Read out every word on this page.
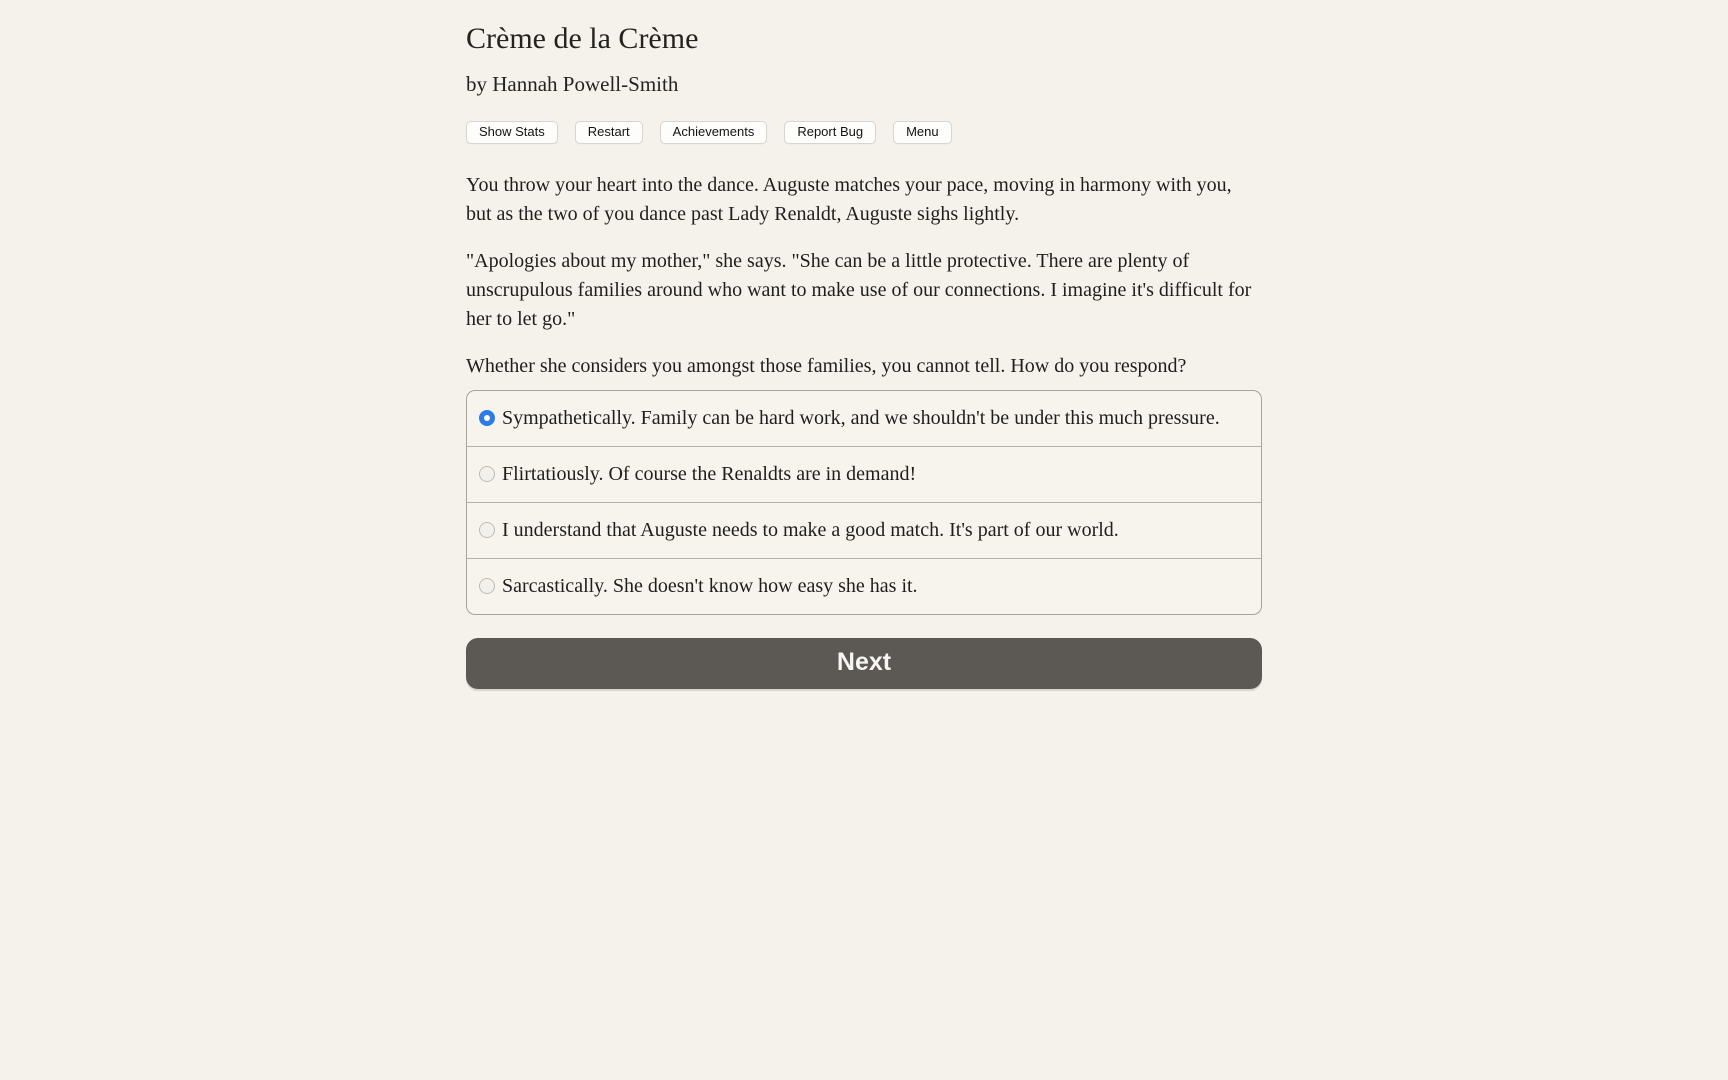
Crème de la Crème

by Hannah Powell-Smith

Show Stats	Restart	Achievements	Report Bug	Menu

You throw your heart into the dance. Auguste matches your pace, moving in harmony with you, but as the two of you dance past Lady Renaldt, Auguste sighs lightly.

"Apologies about my mother," she says. "She can be a little protective. There are plenty of unscrupulous families around who want to make use of our connections. I imagine it's difficult for her to let go."

Whether she considers you amongst those families, you cannot tell. How do you respond?

Sympathetically. Family can be hard work, and we shouldn't be under this much pressure.
Flirtatiously. Of course the Renaldts are in demand!
I understand that Auguste needs to make a good match. It's part of our world.
Sarcastically. She doesn't know how easy she has it.
Next
